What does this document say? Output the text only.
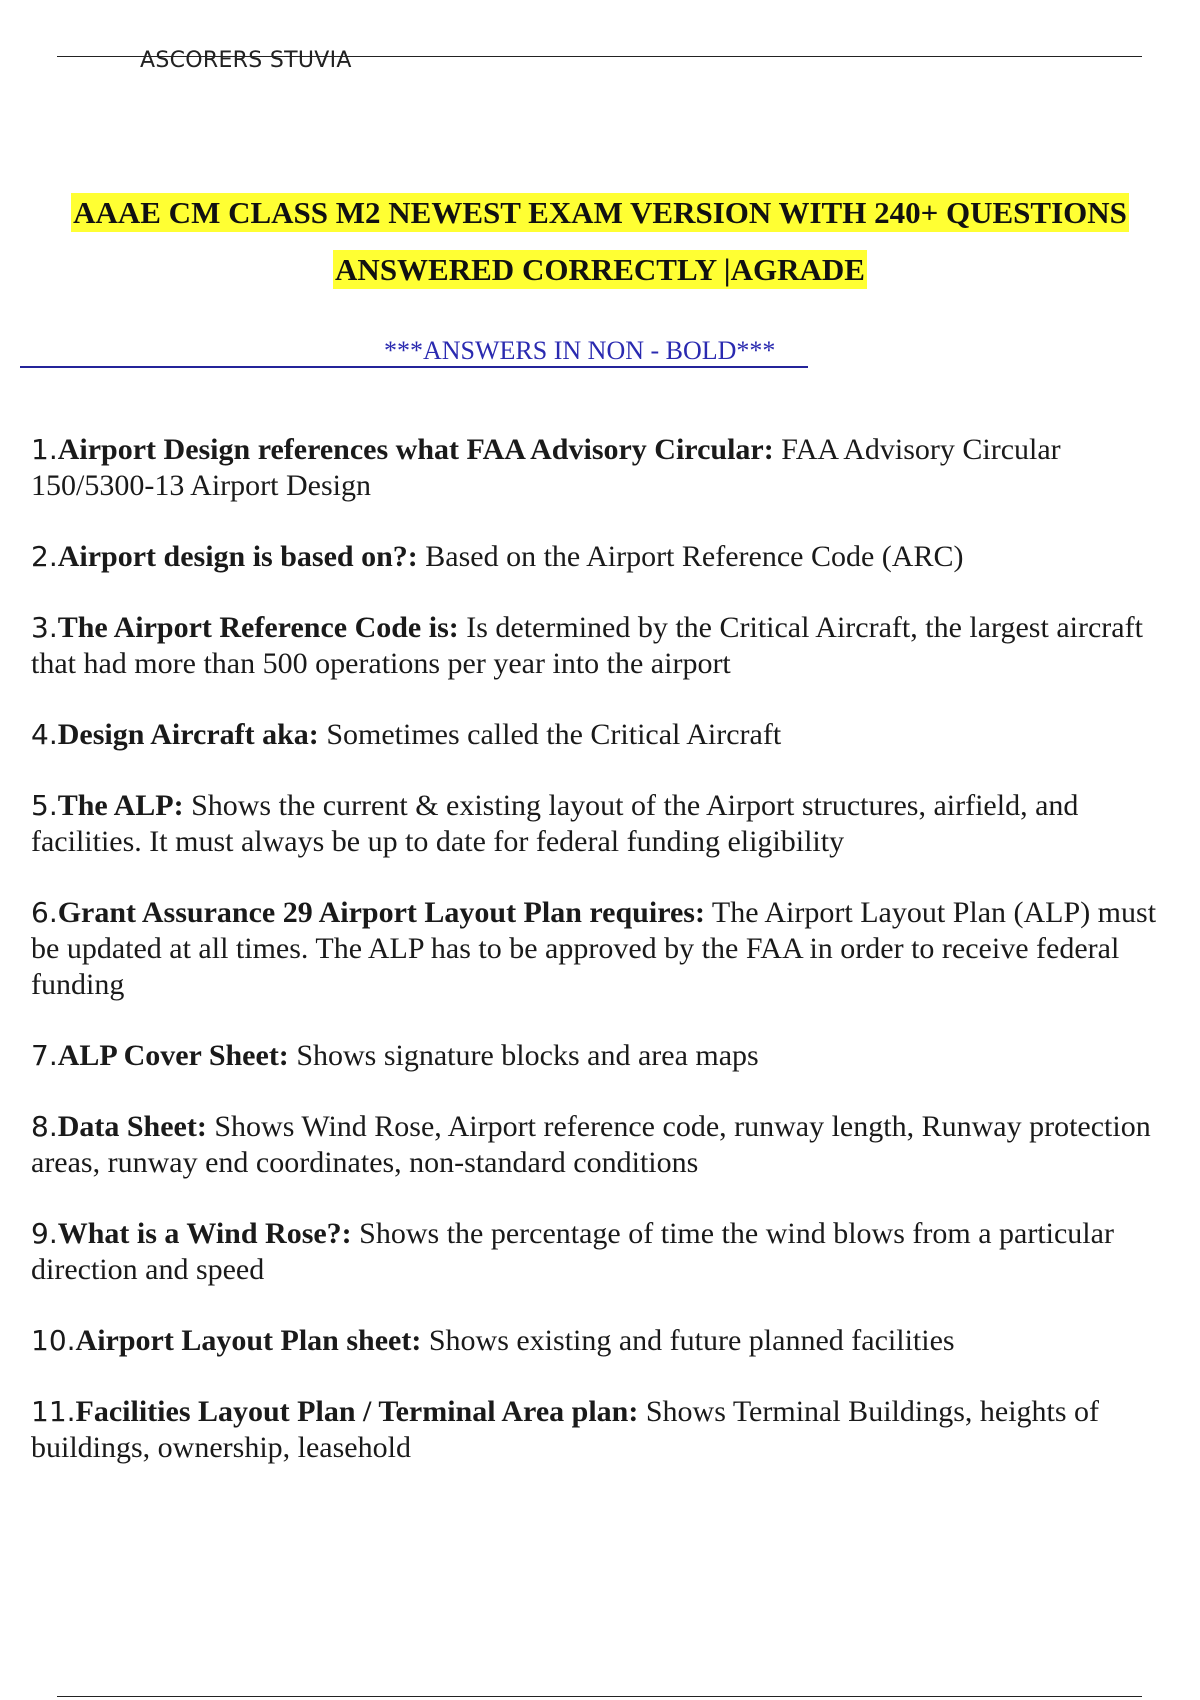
ASCORERS STUVIA
AAAE CM CLASS M2 NEWEST EXAM VERSION WITH 240+ QUESTIONS
ANSWERED CORRECTLY |AGRADE
***ANSWERS IN NON - BOLD***
1.Airport Design references what FAA Advisory Circular: FAA Advisory Circular 150/5300-13 Airport Design
2.Airport design is based on?: Based on the Airport Reference Code (ARC)
3.The Airport Reference Code is: Is determined by the Critical Aircraft, the largest aircraft that had more than 500 operations per year into the airport
4.Design Aircraft aka: Sometimes called the Critical Aircraft
5.The ALP: Shows the current & existing layout of the Airport structures, airfield, and facilities. It must always be up to date for federal funding eligibility
6.Grant Assurance 29 Airport Layout Plan requires: The Airport Layout Plan (ALP) must be updated at all times. The ALP has to be approved by the FAA in order to receive federal funding
7.ALP Cover Sheet: Shows signature blocks and area maps
8.Data Sheet: Shows Wind Rose, Airport reference code, runway length, Runway protection areas, runway end coordinates, non-standard conditions
9.What is a Wind Rose?: Shows the percentage of time the wind blows from a particular direction and speed
10.Airport Layout Plan sheet: Shows existing and future planned facilities
11.Facilities Layout Plan / Terminal Area plan: Shows Terminal Buildings, heights of buildings, ownership, leasehold
